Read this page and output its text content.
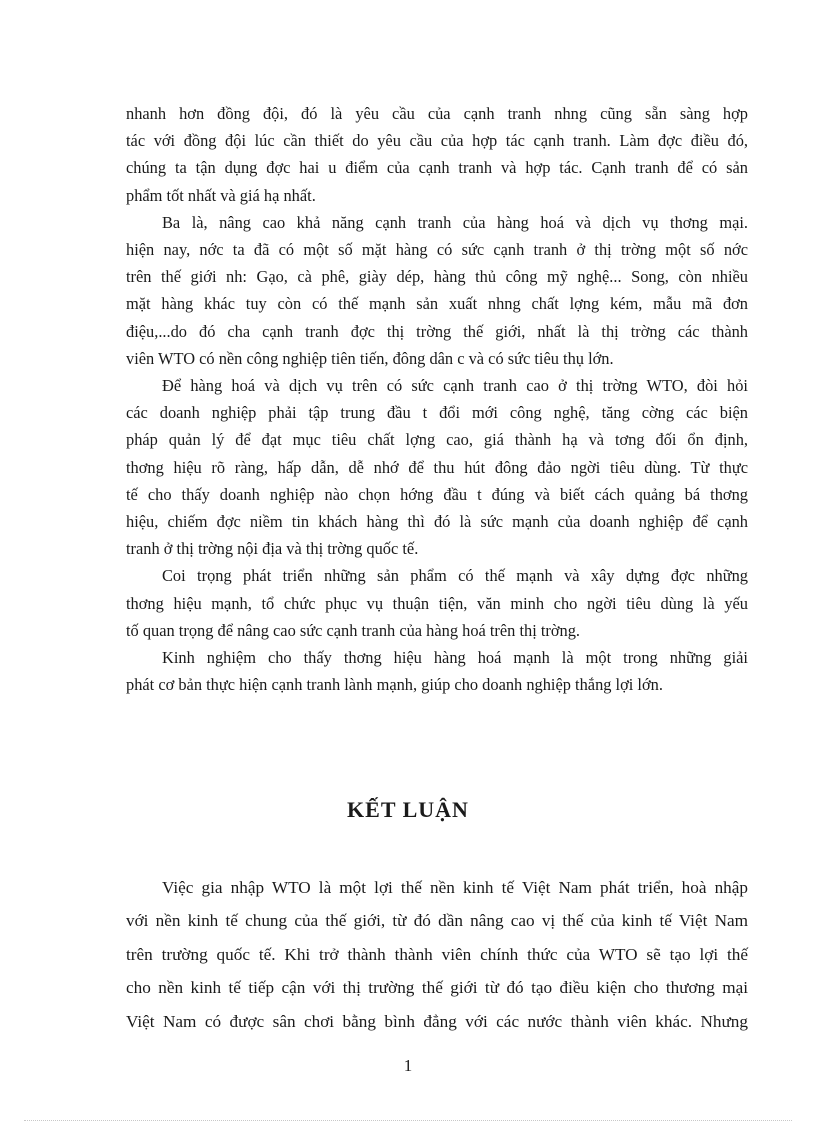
nhanh hơn đồng đội, đó là yêu cầu của cạnh tranh nhng cũng sẵn sàng hợp
tác với đồng đội lúc cần thiết do yêu cầu của hợp tác cạnh tranh. Làm đợc điều đó,
chúng ta tận dụng đợc hai u điểm của cạnh tranh và hợp tác. Cạnh tranh để có sản
phẩm tốt nhất và giá hạ nhất.

Ba là, nâng cao khả năng cạnh tranh của hàng hoá và dịch vụ thơng mại.
hiện nay, nớc ta đã có một số mặt hàng có sức cạnh tranh ở thị trờng một số nớc
trên thế giới nh: Gạo, cà phê, giày dép, hàng thủ công mỹ nghệ... Song, còn nhiều
mặt hàng khác tuy còn có thế mạnh sản xuất nhng chất lợng kém, mẫu mã đơn
điệu,...do đó cha cạnh tranh đợc thị trờng thế giới, nhất là thị trờng các thành
viên WTO có nền công nghiệp tiên tiến, đông dân c và có sức tiêu thụ lớn.

Để hàng hoá và dịch vụ trên có sức cạnh tranh cao ở thị trờng WTO, đòi hỏi
các doanh nghiệp phải tập trung đầu t đổi mới công nghệ, tăng cờng các biện
pháp quản lý để đạt mục tiêu chất lợng cao, giá thành hạ và tơng đối ổn định,
thơng hiệu rõ ràng, hấp dẫn, dễ nhớ để thu hút đông đảo ngời tiêu dùng. Từ thực
tế cho thấy doanh nghiệp nào chọn hớng đầu t đúng và biết cách quảng bá thơng
hiệu, chiếm đợc niềm tin khách hàng thì đó là sức mạnh của doanh nghiệp để cạnh
tranh ở thị trờng nội địa và thị trờng quốc tế.

Coi trọng phát triển những sản phẩm có thế mạnh và xây dựng đợc những
thơng hiệu mạnh, tổ chức phục vụ thuận tiện, văn minh cho ngời tiêu dùng là yếu
tố quan trọng để nâng cao sức cạnh tranh của hàng hoá trên thị trờng.

Kinh nghiệm cho thấy thơng hiệu hàng hoá mạnh là một trong những giải
phát cơ bản thực hiện cạnh tranh lành mạnh, giúp cho doanh nghiệp thắng lợi lớn.

KẾT LUẬN

Việc gia nhập WTO là một lợi thế nền kinh tế Việt Nam phát triển, hoà nhập
với nền kinh tế chung của thế giới, từ đó dần nâng cao vị thế của kinh tế Việt Nam
trên trường quốc tế. Khi trở thành thành viên chính thức của WTO sẽ tạo lợi thế
cho nền kinh tế tiếp cận với thị trường thế giới từ đó tạo điều kiện cho thương mại
Việt Nam có được sân chơi bằng bình đẳng với các nước thành viên khác. Nhưng

1
